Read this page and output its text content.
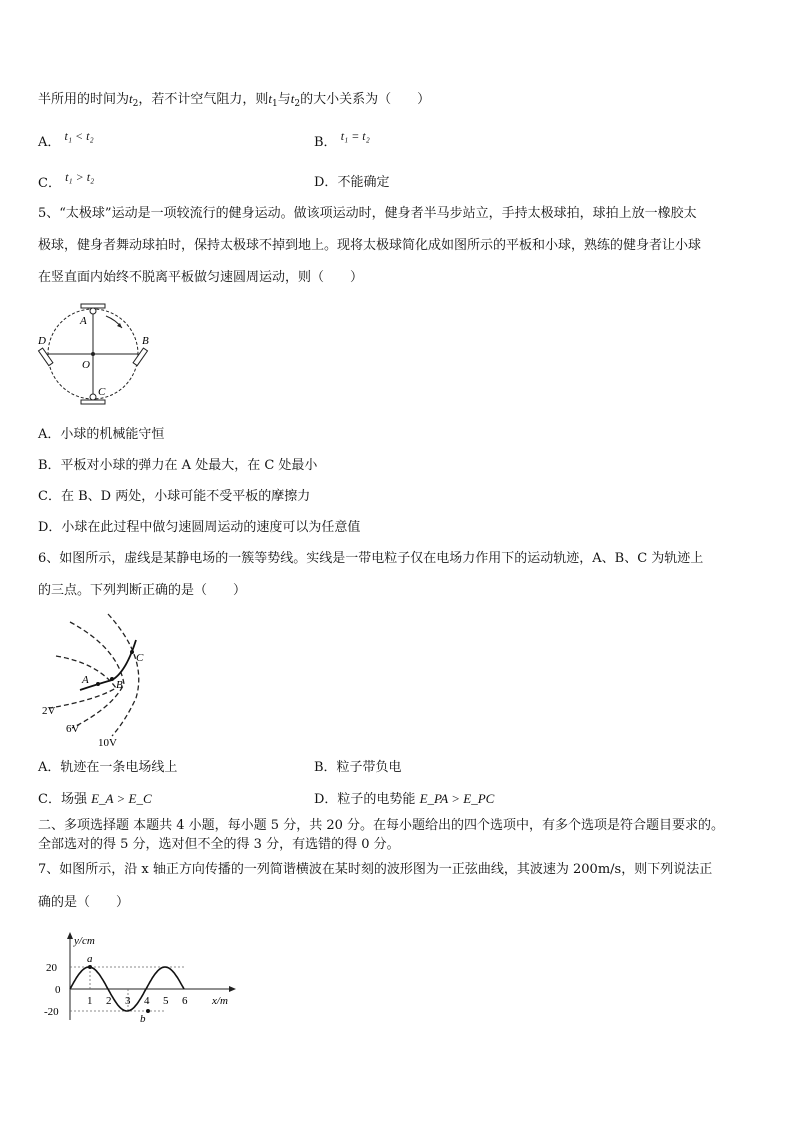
半所用的时间为$t_2$，若不计空气阻力，则$t_1$与$t_2$的大小关系为（　　）
A． t₁ < t₂	B． t₁ = t₂
C． t₁ > t₂	D．不能确定
5、“太极球”运动是一项较流行的健身运动。做该项运动时，健身者半马步站立，手持太极球拍，球拍上放一橡胶太
极球，健身者舞动球拍时，保持太极球不掉到地上。现将太极球简化成如图所示的平板和小球，熟练的健身者让小球
在竖直面内始终不脱离平板做匀速圆周运动，则（　　）
A
B
C
D
O
A．小球的机械能守恒
B．平板对小球的弹力在 A 处最大，在 C 处最小
C．在 B、D 两处，小球可能不受平板的摩擦力
D．小球在此过程中做匀速圆周运动的速度可以为任意值
6、如图所示，虚线是某静电场的一簇等势线。实线是一带电粒子仅在电场力作用下的运动轨迹，A、B、C 为轨迹上
的三点。下列判断正确的是（　　）
A B
C
2V
6V
10V
A．轨迹在一条电场线上	B．粒子带负电
C．场强 E_A > E_C	D．粒子的电势能 E_PA > E_PC
二、多项选择题 本题共 4 小题，每小题 5 分，共 20 分。在每小题给出的四个选项中，有多个选项是符合题目要求的。
全部选对的得 5 分，选对但不全的得 3 分，有选错的得 0 分。
7、如图所示，沿 x 轴正方向传播的一列简谐横波在某时刻的波形图为一正弦曲线，其波速为 200m/s，则下列说法正
确的是（　　）
y/cm
x/m
20
0
-20
1 2 3 4 5 6
a
b
